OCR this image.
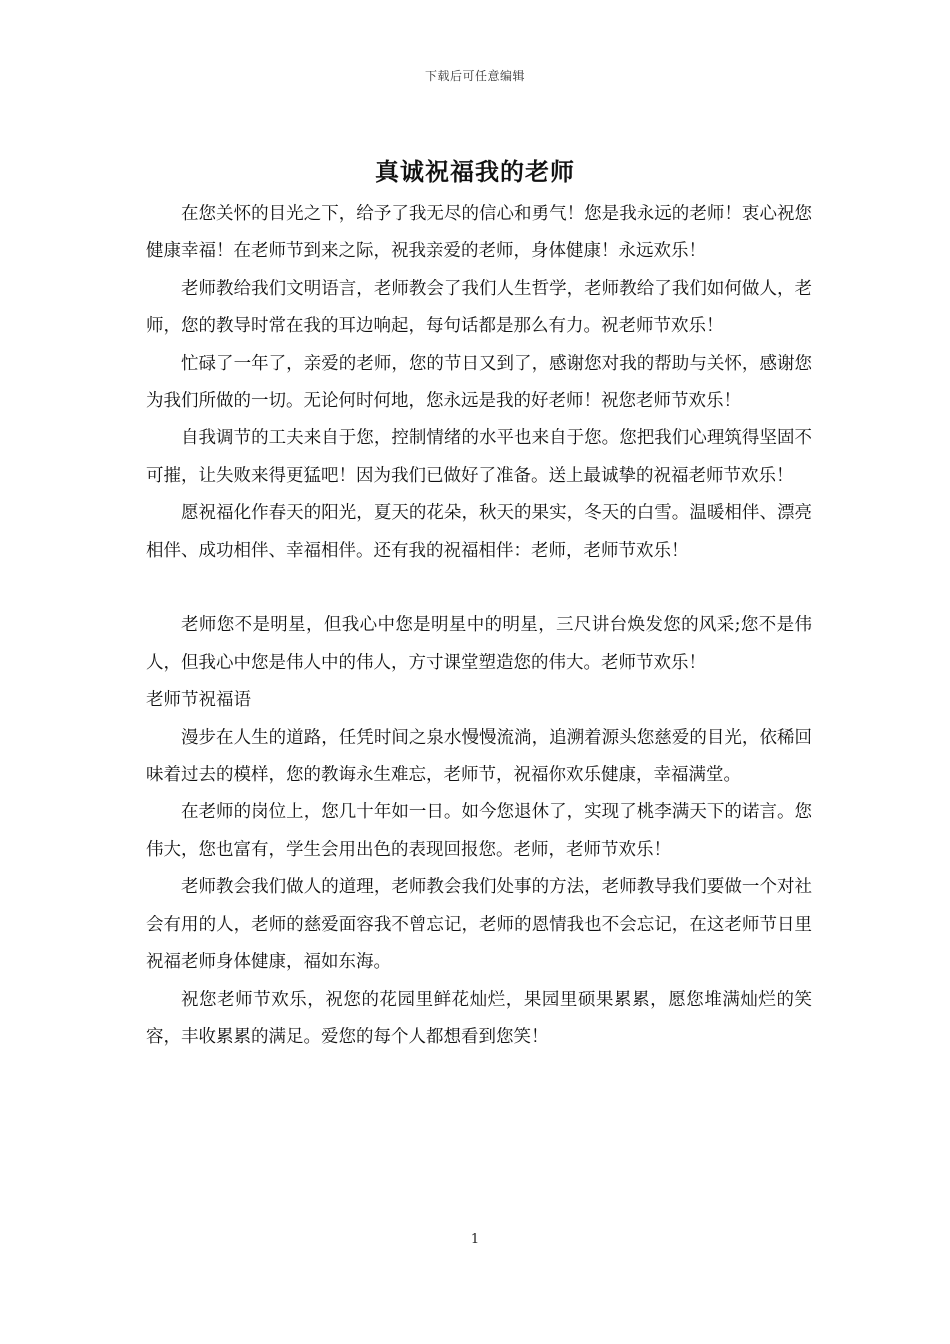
下载后可任意编辑
真诚祝福我的老师

在您关怀的目光之下，给予了我无尽的信心和勇气！您是我永远的老师！衷心祝您健康幸福！在老师节到来之际，祝我亲爱的老师，身体健康！永远欢乐！

老师教给我们文明语言，老师教会了我们人生哲学，老师教给了我们如何做人，老师，您的教导时常在我的耳边响起，每句话都是那么有力。祝老师节欢乐！

忙碌了一年了，亲爱的老师，您的节日又到了，感谢您对我的帮助与关怀，感谢您为我们所做的一切。无论何时何地，您永远是我的好老师！祝您老师节欢乐！

自我调节的工夫来自于您，控制情绪的水平也来自于您。您把我们心理筑得坚固不可摧，让失败来得更猛吧！因为我们已做好了准备。送上最诚挚的祝福老师节欢乐！

愿祝福化作春天的阳光，夏天的花朵，秋天的果实，冬天的白雪。温暖相伴、漂亮相伴、成功相伴、幸福相伴。还有我的祝福相伴：老师，老师节欢乐！

老师您不是明星，但我心中您是明星中的明星，三尺讲台焕发您的风采;您不是伟人，但我心中您是伟人中的伟人，方寸课堂塑造您的伟大。老师节欢乐！

老师节祝福语

漫步在人生的道路，任凭时间之泉水慢慢流淌，追溯着源头您慈爱的目光，依稀回味着过去的模样，您的教诲永生难忘，老师节，祝福你欢乐健康，幸福满堂。

在老师的岗位上，您几十年如一日。如今您退休了，实现了桃李满天下的诺言。您伟大，您也富有，学生会用出色的表现回报您。老师，老师节欢乐！

老师教会我们做人的道理，老师教会我们处事的方法，老师教导我们要做一个对社会有用的人，老师的慈爱面容我不曾忘记，老师的恩情我也不会忘记，在这老师节日里祝福老师身体健康，福如东海。

祝您老师节欢乐，祝您的花园里鲜花灿烂，果园里硕果累累，愿您堆满灿烂的笑容，丰收累累的满足。爱您的每个人都想看到您笑！

1
